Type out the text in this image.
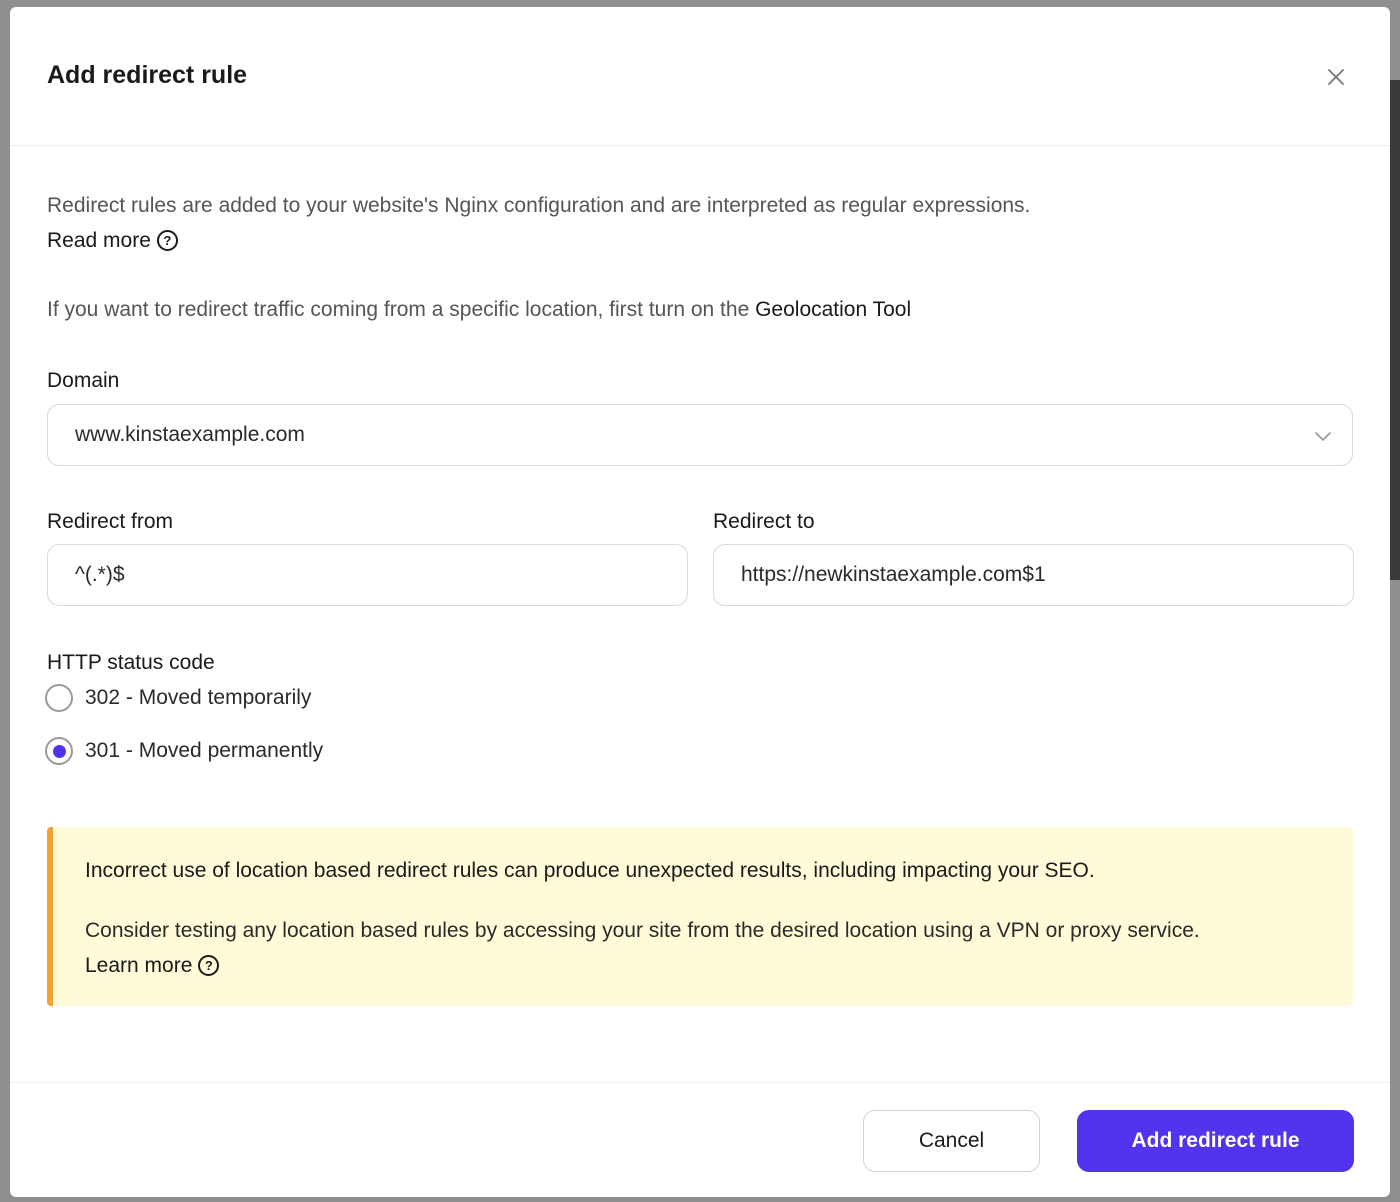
Add redirect rule
Redirect rules are added to your website's Nginx configuration and are interpreted as regular expressions.

Read more ?
If you want to redirect traffic coming from a specific location, first turn on the Geolocation Tool
Domain
www.kinstaexample.com
Redirect from
^(.*)$
Redirect to
https://newkinstaexample.com$1
HTTP status code
302 - Moved temporarily
301 - Moved permanently
Incorrect use of location based redirect rules can produce unexpected results, including impacting your SEO.
Consider testing any location based rules by accessing your site from the desired location using a VPN or proxy service.
Learn more ?
Cancel	Add redirect rule
